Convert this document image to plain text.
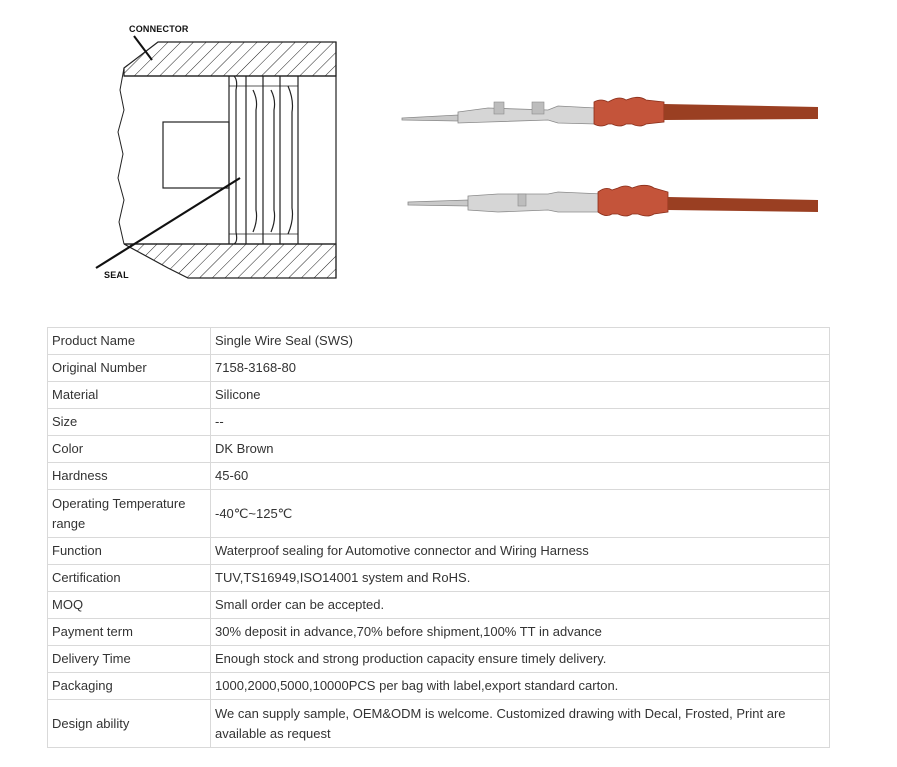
CONNECTOR
SEAL
Product Name	Single Wire Seal (SWS)
Original Number	7158-3168-80
Material	Silicone
Size	--
Color	DK Brown
Hardness	45-60
Operating Temperature range	-40℃~125℃
Function	Waterproof sealing for Automotive connector and Wiring Harness
Certification	TUV,TS16949,ISO14001 system and RoHS.
MOQ	Small order can be accepted.
Payment term	30% deposit in advance,70% before shipment,100% TT in advance
Delivery Time	Enough stock and strong production capacity ensure timely delivery.
Packaging	1000,2000,5000,10000PCS per bag with label,export standard carton.
Design ability	We can supply sample, OEM&ODM is welcome. Customized drawing with Decal, Frosted, Print are available as request
